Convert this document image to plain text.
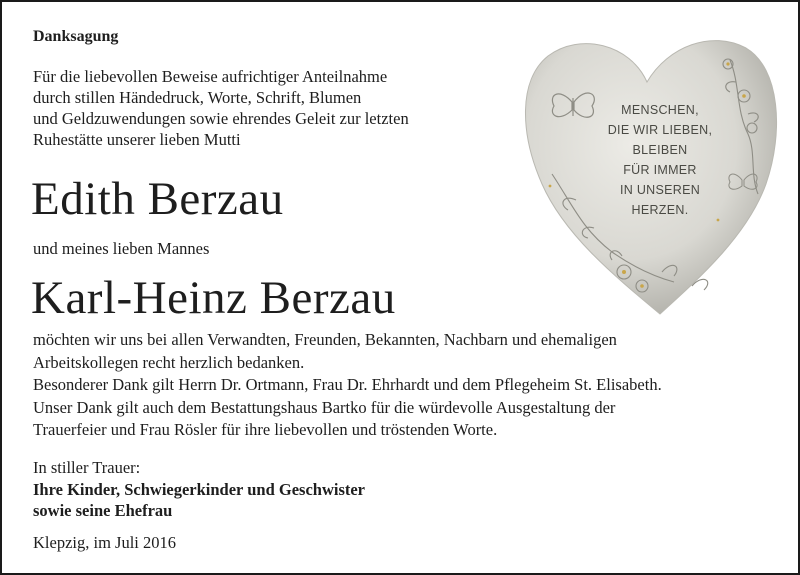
Danksagung
Für die liebevollen Beweise aufrichtiger Anteilnahme
durch stillen Händedruck, Worte, Schrift, Blumen
und Geldzuwendungen sowie ehrendes Geleit zur letzten
Ruhestätte unserer lieben Mutti
Edith Berzau
und meines lieben Mannes
Karl-Heinz Berzau
möchten wir uns bei allen Verwandten, Freunden, Bekannten, Nachbarn und ehemaligen
Arbeitskollegen recht herzlich bedanken.
Besonderer Dank gilt Herrn Dr. Ortmann, Frau Dr. Ehrhardt und dem Pflegeheim St. Elisabeth.
Unser Dank gilt auch dem Bestattungshaus Bartko für die würdevolle Ausgestaltung der
Trauerfeier und Frau Rösler für ihre liebevollen und tröstenden Worte.
In stiller Trauer:
Ihre Kinder, Schwiegerkinder und Geschwister
sowie seine Ehefrau
Klepzig, im Juli 2016
MENSCHEN,
DIE WIR LIEBEN,
BLEIBEN
FÜR IMMER
IN UNSEREN
HERZEN.
